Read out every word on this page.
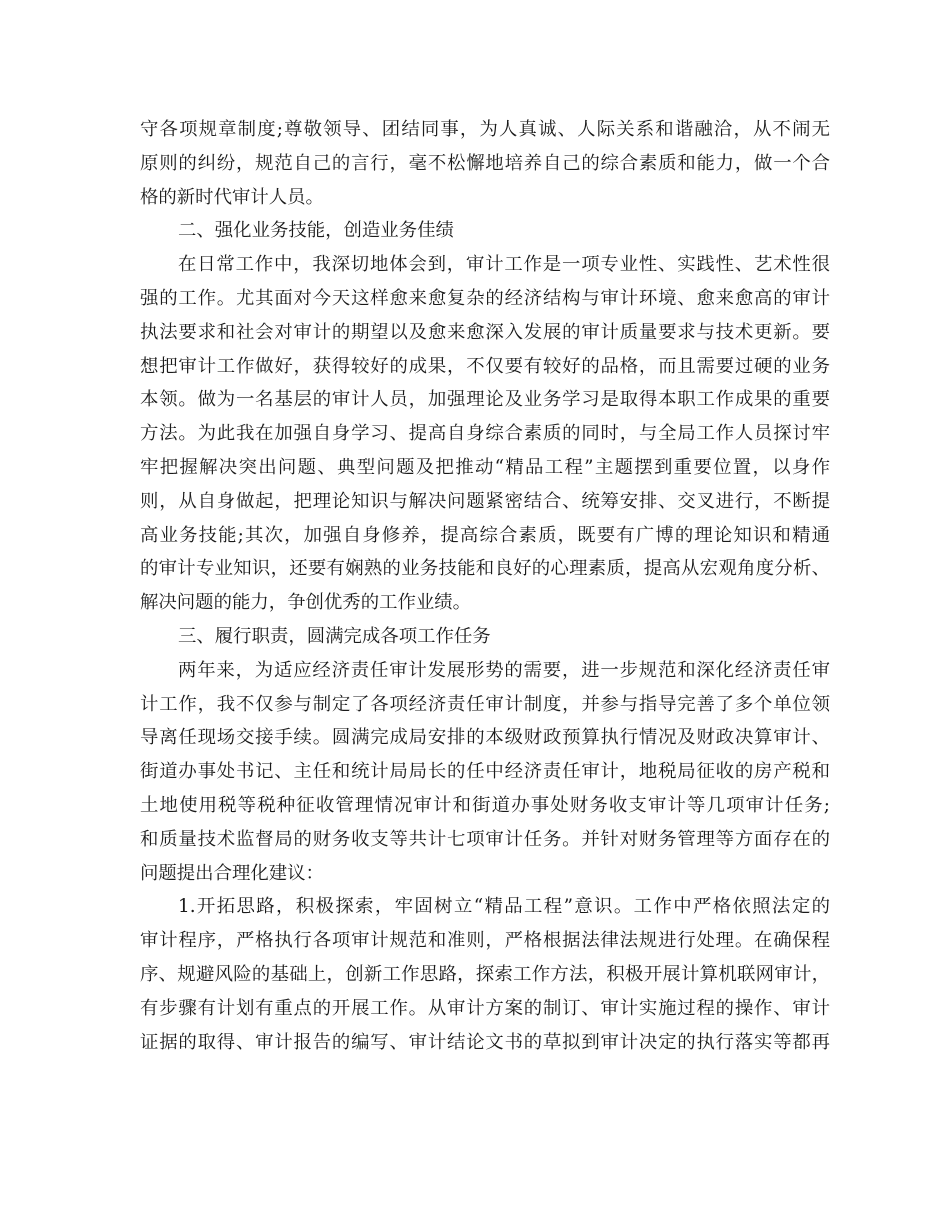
守各项规章制度;尊敬领导、团结同事，为人真诚、人际关系和谐融洽，从不闹无
原则的纠纷，规范自己的言行，毫不松懈地培养自己的综合素质和能力，做一个合
格的新时代审计人员。
二、强化业务技能，创造业务佳绩
在日常工作中，我深切地体会到，审计工作是一项专业性、实践性、艺术性很
强的工作。尤其面对今天这样愈来愈复杂的经济结构与审计环境、愈来愈高的审计
执法要求和社会对审计的期望以及愈来愈深入发展的审计质量要求与技术更新。要
想把审计工作做好，获得较好的成果，不仅要有较好的品格，而且需要过硬的业务
本领。做为一名基层的审计人员，加强理论及业务学习是取得本职工作成果的重要
方法。为此我在加强自身学习、提高自身综合素质的同时，与全局工作人员探讨牢
牢把握解决突出问题、典型问题及把推动“精品工程”主题摆到重要位置，以身作
则，从自身做起，把理论知识与解决问题紧密结合、统筹安排、交叉进行，不断提
高业务技能;其次，加强自身修养，提高综合素质，既要有广博的理论知识和精通
的审计专业知识，还要有娴熟的业务技能和良好的心理素质，提高从宏观角度分析、
解决问题的能力，争创优秀的工作业绩。
三、履行职责，圆满完成各项工作任务
两年来，为适应经济责任审计发展形势的需要，进一步规范和深化经济责任审
计工作，我不仅参与制定了各项经济责任审计制度，并参与指导完善了多个单位领
导离任现场交接手续。圆满完成局安排的本级财政预算执行情况及财政决算审计、
街道办事处书记、主任和统计局局长的任中经济责任审计，地税局征收的房产税和
土地使用税等税种征收管理情况审计和街道办事处财务收支审计等几项审计任务;
和质量技术监督局的财务收支等共计七项审计任务。并针对财务管理等方面存在的
问题提出合理化建议：
1.开拓思路，积极探索，牢固树立“精品工程”意识。工作中严格依照法定的
审计程序，严格执行各项审计规范和准则，严格根据法律法规进行处理。在确保程
序、规避风险的基础上，创新工作思路，探索工作方法，积极开展计算机联网审计，
有步骤有计划有重点的开展工作。从审计方案的制订、审计实施过程的操作、审计
证据的取得、审计报告的编写、审计结论文书的草拟到审计决定的执行落实等都再
